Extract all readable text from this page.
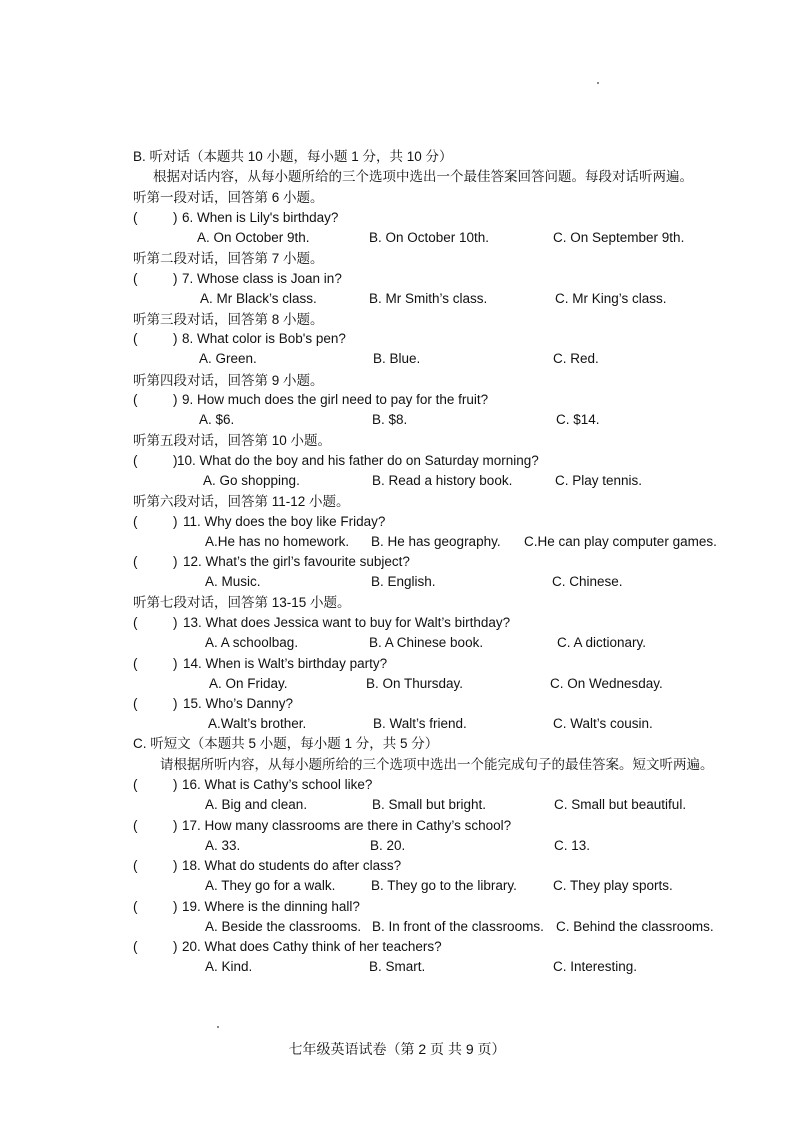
B. 听对话（本题共 10 小题，每小题 1 分，共 10 分）
根据对话内容，从每小题所给的三个选项中选出一个最佳答案回答问题。每段对话听两遍。
听第一段对话，回答第 6 小题。
七年级英语试卷（第 2 页 共 9 页）
听第二段对话，回答第 7 小题。
听第三段对话，回答第 8 小题。
听第四段对话，回答第 9 小题。
听第五段对话，回答第 10 小题。
听第六段对话，回答第 11-12 小题。
听第七段对话，回答第 13-15 小题。
C. 听短文（本题共 5 小题，每小题 1 分，共 5 分）
请根据所听内容，从每小题所给的三个选项中选出一个能完成句子的最佳答案。短文听两遍。
(	) 6. When is Lily's birthday?
A. On October 9th.	B. On October 10th.	C. On September 9th.
(	) 7. Whose class is Joan in?
A. Mr Black’s class.	B. Mr Smith’s class.	C. Mr King’s class.
(	) 8. What color is Bob's pen?
A. Green.	B. Blue.	C. Red.
(	) 9. How much does the girl need to pay for the fruit?
A. $6.	B. $8.	C. $14.
(	) 10. What do the boy and his father do on Saturday morning?
A. Go shopping.	B. Read a history book.	C. Play tennis.
(	) 11. Why does the boy like Friday?
A.He has no homework. B. He has geography. C.He can play computer games.
(	) 12. What’s the girl’s favourite subject?
A. Music.	B. English.	C. Chinese.
(	) 13. What does Jessica want to buy for Walt’s birthday?
A. A schoolbag.	B. A Chinese book.	C. A dictionary.
(	) 14. When is Walt’s birthday party?
A. On Friday.	B. On Thursday.	C. On Wednesday.
(	) 15. Who’s Danny?
A.Walt’s brother.	B. Walt’s friend.	C. Walt’s cousin.
(	) 16. What is Cathy’s school like?
A. Big and clean.	B. Small but bright.	C. Small but beautiful.
(	) 17. How many classrooms are there in Cathy’s school?
A. 33.	B. 20.	C. 13.
(	) 18. What do students do after class?
A. They go for a walk.	B. They go to the library.	C. They play sports.
(	) 19. Where is the dinning hall?
A. Beside the classrooms. B. In front of the classrooms. C. Behind the classrooms.
(	) 20. What does Cathy think of her teachers?
A. Kind.	B. Smart.	C. Interesting.
